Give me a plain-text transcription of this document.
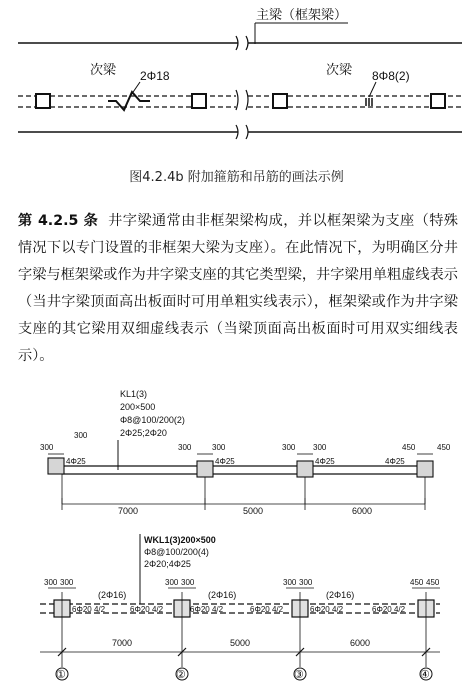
主梁（框架梁）
次梁 2Φ18	次梁 8Φ8(2)
图4.2.4b 附加箍筋和吊筋的画法示例

第 4.2.5 条 井字梁通常由非框架梁构成，并以框架梁为支座（特殊情况下以专门设置的非框架大梁为支座）。在此情况下，为明确区分井字梁与框架梁或作为井字梁支座的其它类型梁，井字梁用单粗虚线表示（当井字梁顶面高出板面时可用单粗实线表示），框架梁或作为井字梁支座的其它梁用双细虚线表示（当梁顶面高出板面时可用双实细线表示）。

KL1(3)
200×500
Φ8@100/200(2)
2Φ25;2Φ20
300
300
300	300	300 300	450	450
4Φ25	4Φ25	4Φ25	4Φ25
7000	5000	6000
WKL1(3)200×500
Φ8@100/200(4)
2Φ20;4Φ25
300 300	300 300	300 300	450 450
(2Φ16)	(2Φ16)	(2Φ16)
6Φ20 4/2	6Φ20 4/2	6Φ20 4/2	6Φ20 4/2	6Φ20 4/2	6Φ20 4/2
7000	5000	6000
①	②	③	④
